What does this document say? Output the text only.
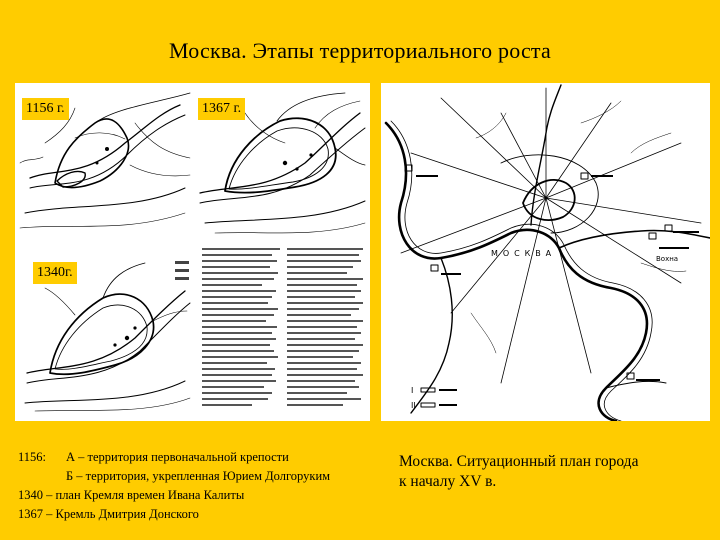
Москва. Этапы территориального роста
1156 г.	1367 г.
1340г.
М О С К В А
Вохна
I
II
1156: А – территория первоначальной крепости
Б – территория, укрепленная Юрием Долгоруким
1340 – план Кремля времен Ивана Калиты
1367 – Кремль Дмитрия Донского
Москва. Ситуационный план города
к началу XV в.
